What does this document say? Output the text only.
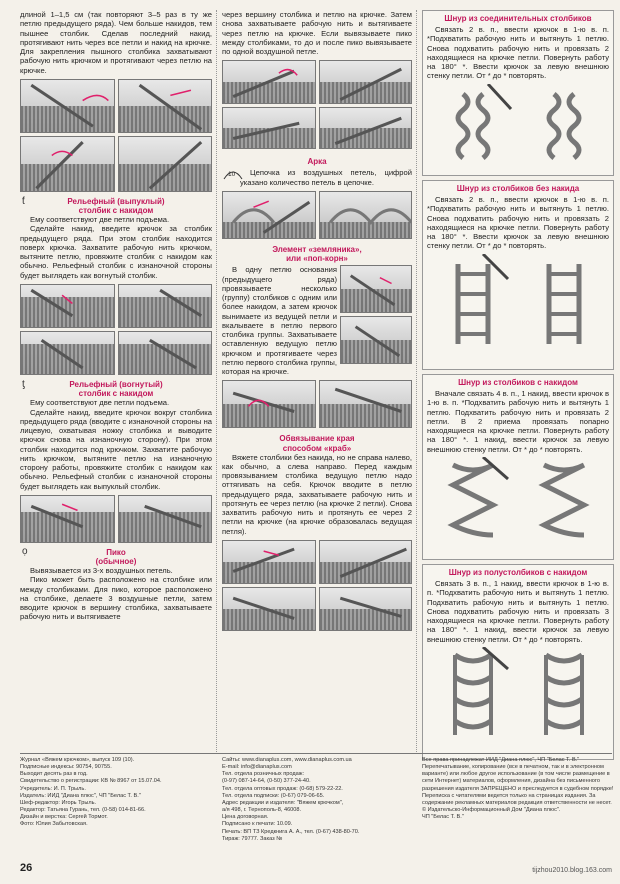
длиной 1–1,5 см (так повторяют 3–5 раз в ту же петлю предыдущего ряда). Чем больше накидов, тем пышнее столбик. Сделав последний накид, протягивают нить через все петли и накид на крючке. Для закрепления пышного столбика захватывают рабочую нить крючком и протягивают через петлю на крючке.

ƭ	Рельефный (выпуклый)
столбик с накидом

Ему соответствуют две петли подъема.

Сделайте накид, введите крючок за столбик предыдущего ряда. При этом столбик находится поверх крючка. Захватите рабочую нить крючком, вытяните петлю, провяжите столбик с накидом как обычно. Рельефный столбик с изнаночной стороны будет выглядеть как вогнутый столбик.

ƫ	Рельефный (вогнутый)
столбик с накидом

Ему соответствуют две петли подъема.

Сделайте накид, введите крючок вокруг столбика предыдущего ряда (вводите с изнаночной стороны на лицевую, охватывая ножку столбика и выводите крючок снова на изнаночную сторону). При этом столбик находится под крючком. Захватите рабочую нить крючком, вытяните петлю на изнаночную сторону работы, провяжите столбик с накидом как обычно. Рельефный столбик с изнаночной стороны будет выглядеть как выпуклый столбик.

ọ	Пико
(обычное)

Вывязывается из 3-х воздушных петель.

Пико может быть расположено на столбике или между столбиками. Для пико, которое расположено на столбике, делаете 3 воздушные петли, затем вводите крючок в вершину столбика, захватываете рабочую нить и вытягиваете

через вершину столбика и петлю на крючке. Затем снова захватываете рабочую нить и вытягиваете через петлю на крючке. Если вывязываете пико между столбиками, то до и после пико вывязываете по одной воздушной петле.

Арка
10	Цепочка из воздушных петель, цифрой указано количество петель в цепочке.

Элемент «земляника»,
или «поп-корн»

В одну петлю основания (предыдущего ряда) провязываете несколько (группу) столбиков с одним или более накидом, а затем крючок вынимаете из ведущей петли и вкалываете в петлю первого столбика группы. Захватываете оставленную ведущую петлю крючком и протягиваете через петлю первого столбика группы, которая на крючке.

Обвязывание края
способом «краб»

Вяжете столбики без накида, но не справа налево, как обычно, а слева направо. Перед каждым провязыванием столбика ведущую петлю надо оттягивать на себя. Крючок вводите в петлю предыдущего ряда, захватываете рабочую нить и протянуть ее через петлю (на крючке 2 петли). Снова захватить рабочую нить и протянуть ее через 2 петли на крючке (на крючке образовалась ведущая петля).

Шнур из соединительных столбиков

Связать 2 в. п., ввести крючок в 1-ю в. п. *Подхватить рабочую нить и вытянуть 1 петлю. Снова подхватить рабочую нить и провязать 2 находящиеся на крючке петли. Повернуть работу на 180° *. Ввести крючок за левую внешнюю стенку петли. От * до * повторять.

Шнур из столбиков без накида

Связать 2 в. п., ввести крючок в 1-ю в. п. *Подхватить рабочую нить и вытянуть 1 петлю. Снова подхватить рабочую нить и провязать 2 находящиеся на крючке петли. Повернуть работу на 180° *. Ввести крючок за левую внешнюю стенку петли. От * до * повторять.

Шнур из столбиков с накидом

Вначале связать 4 в. п., 1 накид, ввести крючок в 1-ю в. п. *Подхватить рабочую нить и вытянуть 1 петлю. Подхватить рабочую нить и провязать 2 петли. В 2 приема провязать попарно находящиеся на крючке петли. Повернуть работу на 180° *. 1 накид, ввести крючок за левую внешнюю стенку петли. От * до * повторять.

Шнур из полустолбиков с накидом

Связать 3 в. п., 1 накид, ввести крючок в 1-ю в. п. *Подхватить рабочую нить и вытянуть 1 петлю. Подхватить рабочую нить и вытянуть 1 петлю. Снова подхватить рабочую нить и провязать 3 находящиеся на крючке петли. Повернуть работу на 180° *. 1 накид, ввести крючок за левую внешнюю стенку петли. От * до * повторять.

Журнал «Вяжем крючком», выпуск 109 (10).
Подписные индексы: 90754, 90755.
Выходит десять раз в год.
Свидетельство о регистрации: КВ № 8967 от 15.07.04.
Учредитель: И. П. Трыль.
Издатель: ИИД "Диана плюс", ЧП "Белас Т. В."
Шеф-редактор: Игорь Трыль.
Редактор: Татьяна Гурань, тел. (0-58) 014-81-66.
Дизайн и верстка: Сергей Тормот.
Фото: Юлия Забытовская.
Сайты: www.dianaplus.com, www.dianaplus.com.ua
E-mail: info@dianaplus.com
Тел. отдела розничных продаж:
(0-97) 087-14-64, (0-50) 377-24-40.
Тел. отдела оптовых продаж: (0-68) 579-22-22.
Тел. отдела подписки: (0-67) 079-06-65.
Адрес редакции и издателя: "Вяжем крючком",
а/я 498, г. Тернополь-8, 46008.
Цена договорная.
Подписано к печати: 10.09.
Печать: ВП ТЗ Кредкнига А. А., тел. (0-67) 438-80-70.
Тираж: 79777. Заказ №
Все права принадлежат ИИД "Диана плюс", ЧП "Белас Т. В."
Перепечатывание, копирование (все в печатном, так и в электронном варианте) или любое другое использование (в том числе размещение в сети Интернет) материалов, оформления, дизайна без письменного разрешения издателя ЗАПРЕЩЕНО и преследуется в судебном порядке!
Переписка с читателями ведется только на страницах издания. За содержание рекламных материалов редакция ответственности не несет.
© Издательско-Информационный Дом "Диана плюс".
ЧП "Белас Т. В."
26	tijzhou2010.blog.163.com
